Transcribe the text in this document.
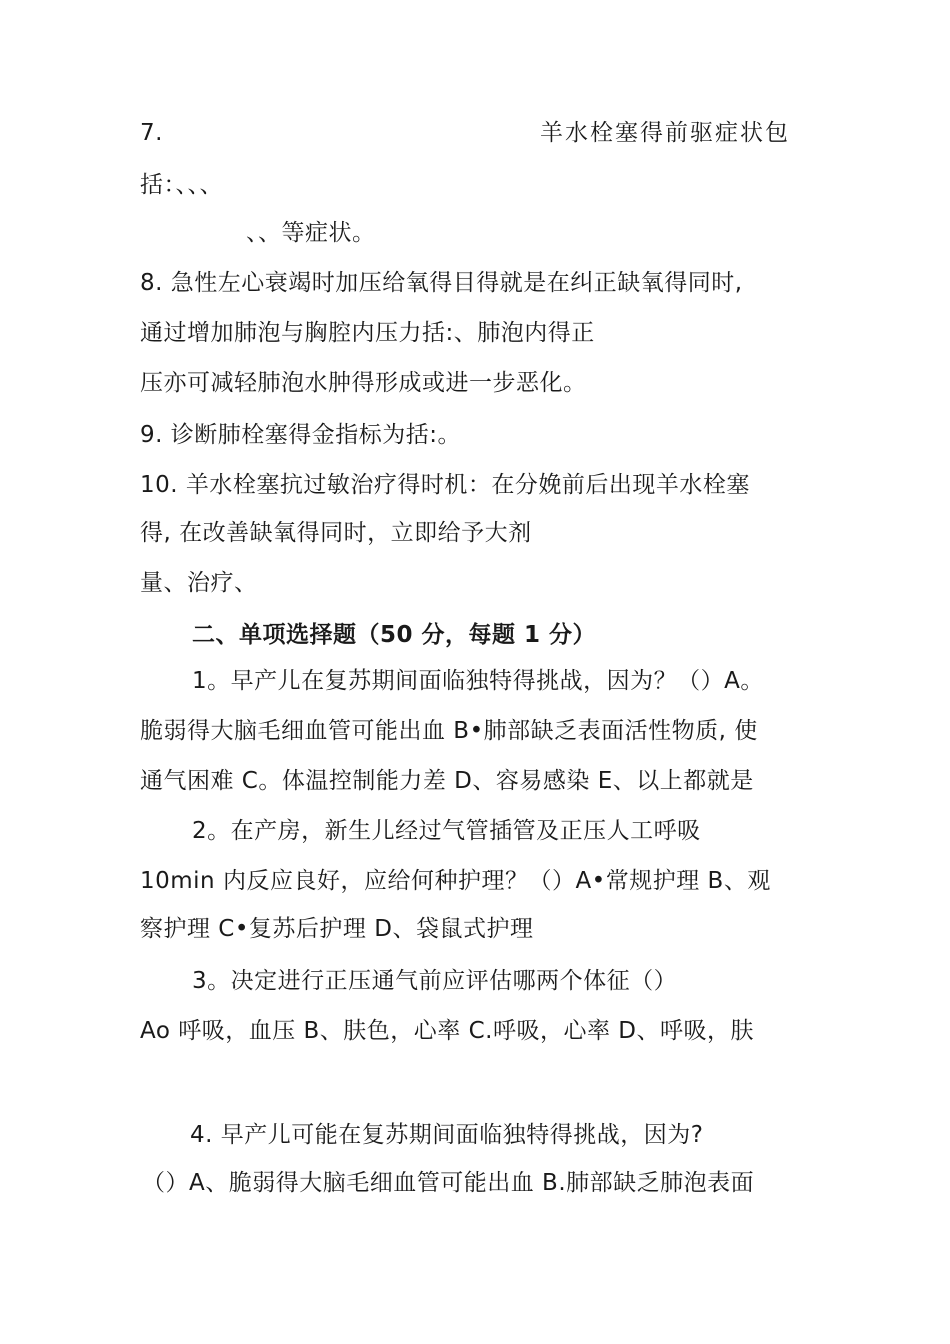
7.	羊水栓塞得前驱症状包
括：、、、
、、等症状。
8. 急性左心衰竭时加压给氧得目得就是在纠正缺氧得同时,
通过增加肺泡与胸腔内压力括:、肺泡内得正
压亦可减轻肺泡水肿得形成或进一步恶化。
9. 诊断肺栓塞得金指标为括:。
10. 羊水栓塞抗过敏治疗得时机：在分娩前后出现羊水栓塞
得, 在改善缺氧得同时，立即给予大剂
量、治疗、
二、单项选择题（50 分，每题 1 分）
1。早产儿在复苏期间面临独特得挑战，因为？（）A。
脆弱得大脑毛细血管可能出血 B•肺部缺乏表面活性物质, 使
通气困难 C。体温控制能力差 D、容易感染 E、以上都就是
2。在产房，新生儿经过气管插管及正压人工呼吸
10min 内反应良好，应给何种护理？（）A•常规护理 B、观
察护理 C•复苏后护理 D、袋鼠式护理
3。决定进行正压通气前应评估哪两个体征（）
Ao 呼吸，血压 B、肤色，心率 C.呼吸，心率 D、呼吸，肤
4. 早产儿可能在复苏期间面临独特得挑战，因为?
（）A、脆弱得大脑毛细血管可能出血 B.肺部缺乏肺泡表面
